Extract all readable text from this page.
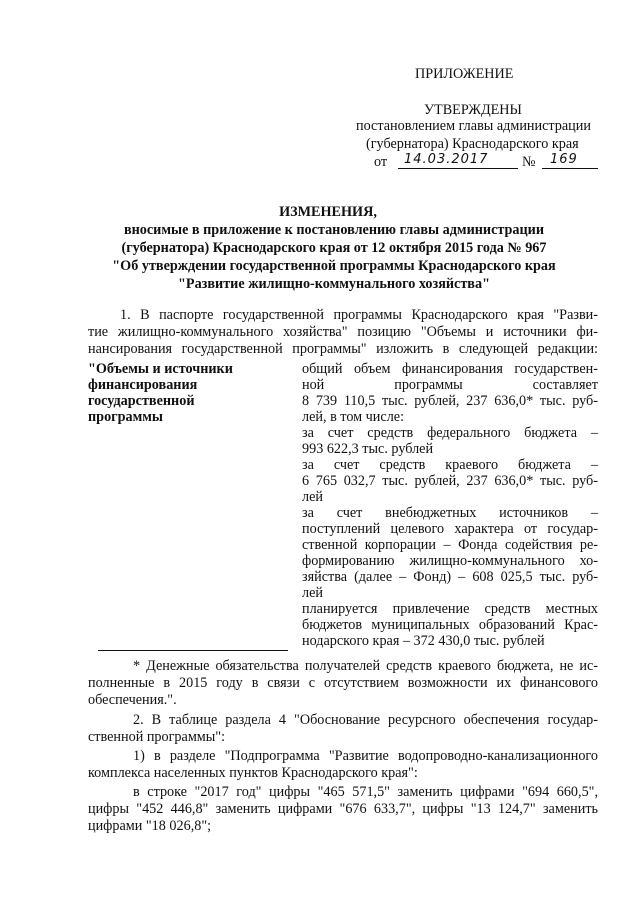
ПРИЛОЖЕНИЕ
УТВЕРЖДЕНЫ
постановлением главы администрации
(губернатора) Краснодарского края
от 14.03.2017 № 169
ИЗМЕНЕНИЯ,
вносимые в приложение к постановлению главы администрации
(губернатора) Краснодарского края от 12 октября 2015 года № 967
"Об утверждении государственной программы Краснодарского края
"Развитие жилищно-коммунального хозяйства"
1. В паспорте государственной программы Краснодарского края "Разви-
тие жилищно-коммунального хозяйства" позицию "Объемы и источники фи-
нансирования государственной программы" изложить в следующей редакции:
"Объемы и источники
финансирования
государственной
программы
общий объем финансирования государствен-
ной программы составляет
8 739 110,5 тыс. рублей, 237 636,0* тыс. руб-
лей, в том числе:
за счет средств федерального бюджета –
993 622,3 тыс. рублей
за счет средств краевого бюджета –
6 765 032,7 тыс. рублей, 237 636,0* тыс. руб-
лей
за счет внебюджетных источников –
поступлений целевого характера от государ-
ственной корпорации – Фонда содействия ре-
формированию жилищно-коммунального хо-
зяйства (далее – Фонд) – 608 025,5 тыс. руб-
лей
планируется привлечение средств местных
бюджетов муниципальных образований Крас-
нодарского края – 372 430,0 тыс. рублей
* Денежные обязательства получателей средств краевого бюджета, не ис-
полненные в 2015 году в связи с отсутствием возможности их финансового
обеспечения.".
2. В таблице раздела 4 "Обоснование ресурсного обеспечения государ-
ственной программы":
1) в разделе "Подпрограмма "Развитие водопроводно-канализационного
комплекса населенных пунктов Краснодарского края":
в строке "2017 год" цифры "465 571,5" заменить цифрами "694 660,5",
цифры "452 446,8" заменить цифрами "676 633,7", цифры "13 124,7" заменить
цифрами "18 026,8";
